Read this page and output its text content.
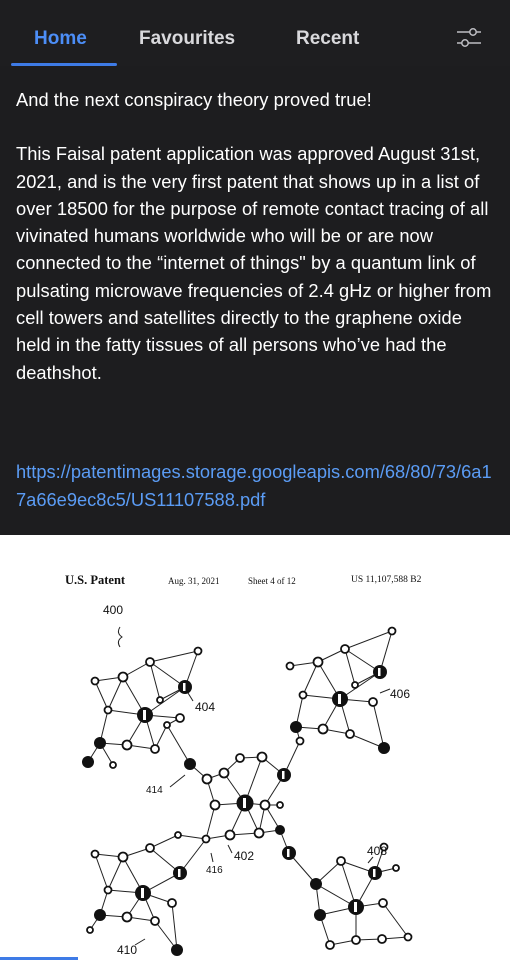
Home	Favourites	Recent

And the next conspiracy theory proved true!

This Faisal patent application was approved August 31st, 2021, and is the very first patent that shows up in a list of over 18500 for the purpose of remote contact tracing of all vivinated humans worldwide who will be or are now connected to the “internet of things" by a quantum link of pulsating microwave frequencies of 2.4 gHz or higher from cell towers and satellites directly to the graphene oxide held in the fatty tissues of all persons who’ve had the deathshot.

https://patentimages.storage.googleapis.com/68/80/73/6a17a66e9ec8c5/US11107588.pdf
U.S. Patent	Aug. 31, 2021	Sheet 4 of 12	US 11,107,588 B2
400
404
406
414
402	408
416
410
